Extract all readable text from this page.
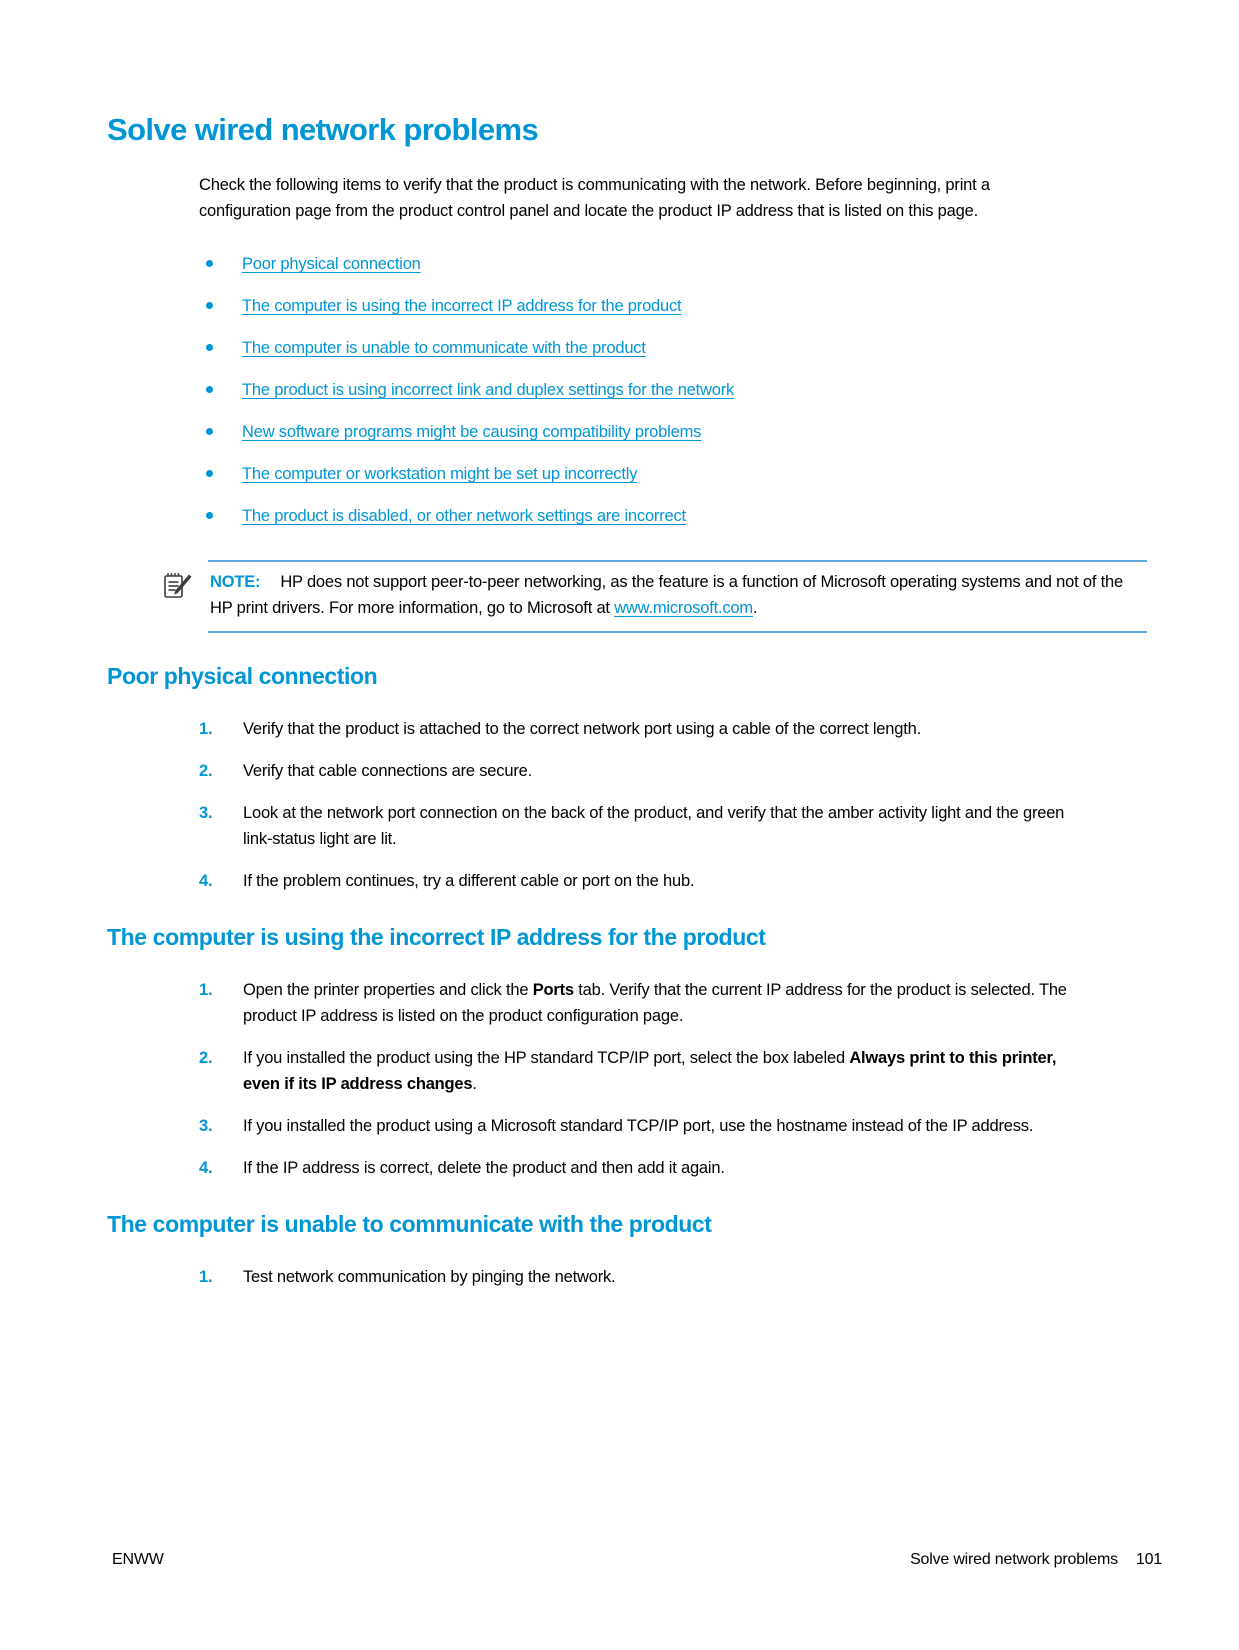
Solve wired network problems

Check the following items to verify that the product is communicating with the network. Before beginning, print a configuration page from the product control panel and locate the product IP address that is listed on this page.

Poor physical connection
The computer is using the incorrect IP address for the product
The computer is unable to communicate with the product
The product is using incorrect link and duplex settings for the network
New software programs might be causing compatibility problems
The computer or workstation might be set up incorrectly
The product is disabled, or other network settings are incorrect
NOTE: HP does not support peer-to-peer networking, as the feature is a function of Microsoft operating systems and not of the HP print drivers. For more information, go to Microsoft at www.microsoft.com.
Poor physical connection
1. Verify that the product is attached to the correct network port using a cable of the correct length.
2. Verify that cable connections are secure.
3. Look at the network port connection on the back of the product, and verify that the amber activity light and the green link-status light are lit.
4. If the problem continues, try a different cable or port on the hub.
The computer is using the incorrect IP address for the product
1. Open the printer properties and click the Ports tab. Verify that the current IP address for the product is selected. The product IP address is listed on the product configuration page.
2. If you installed the product using the HP standard TCP/IP port, select the box labeled Always print to this printer, even if its IP address changes.
3. If you installed the product using a Microsoft standard TCP/IP port, use the hostname instead of the IP address.
4. If the IP address is correct, delete the product and then add it again.
The computer is unable to communicate with the product
1. Test network communication by pinging the network.
ENWW	Solve wired network problems 101
